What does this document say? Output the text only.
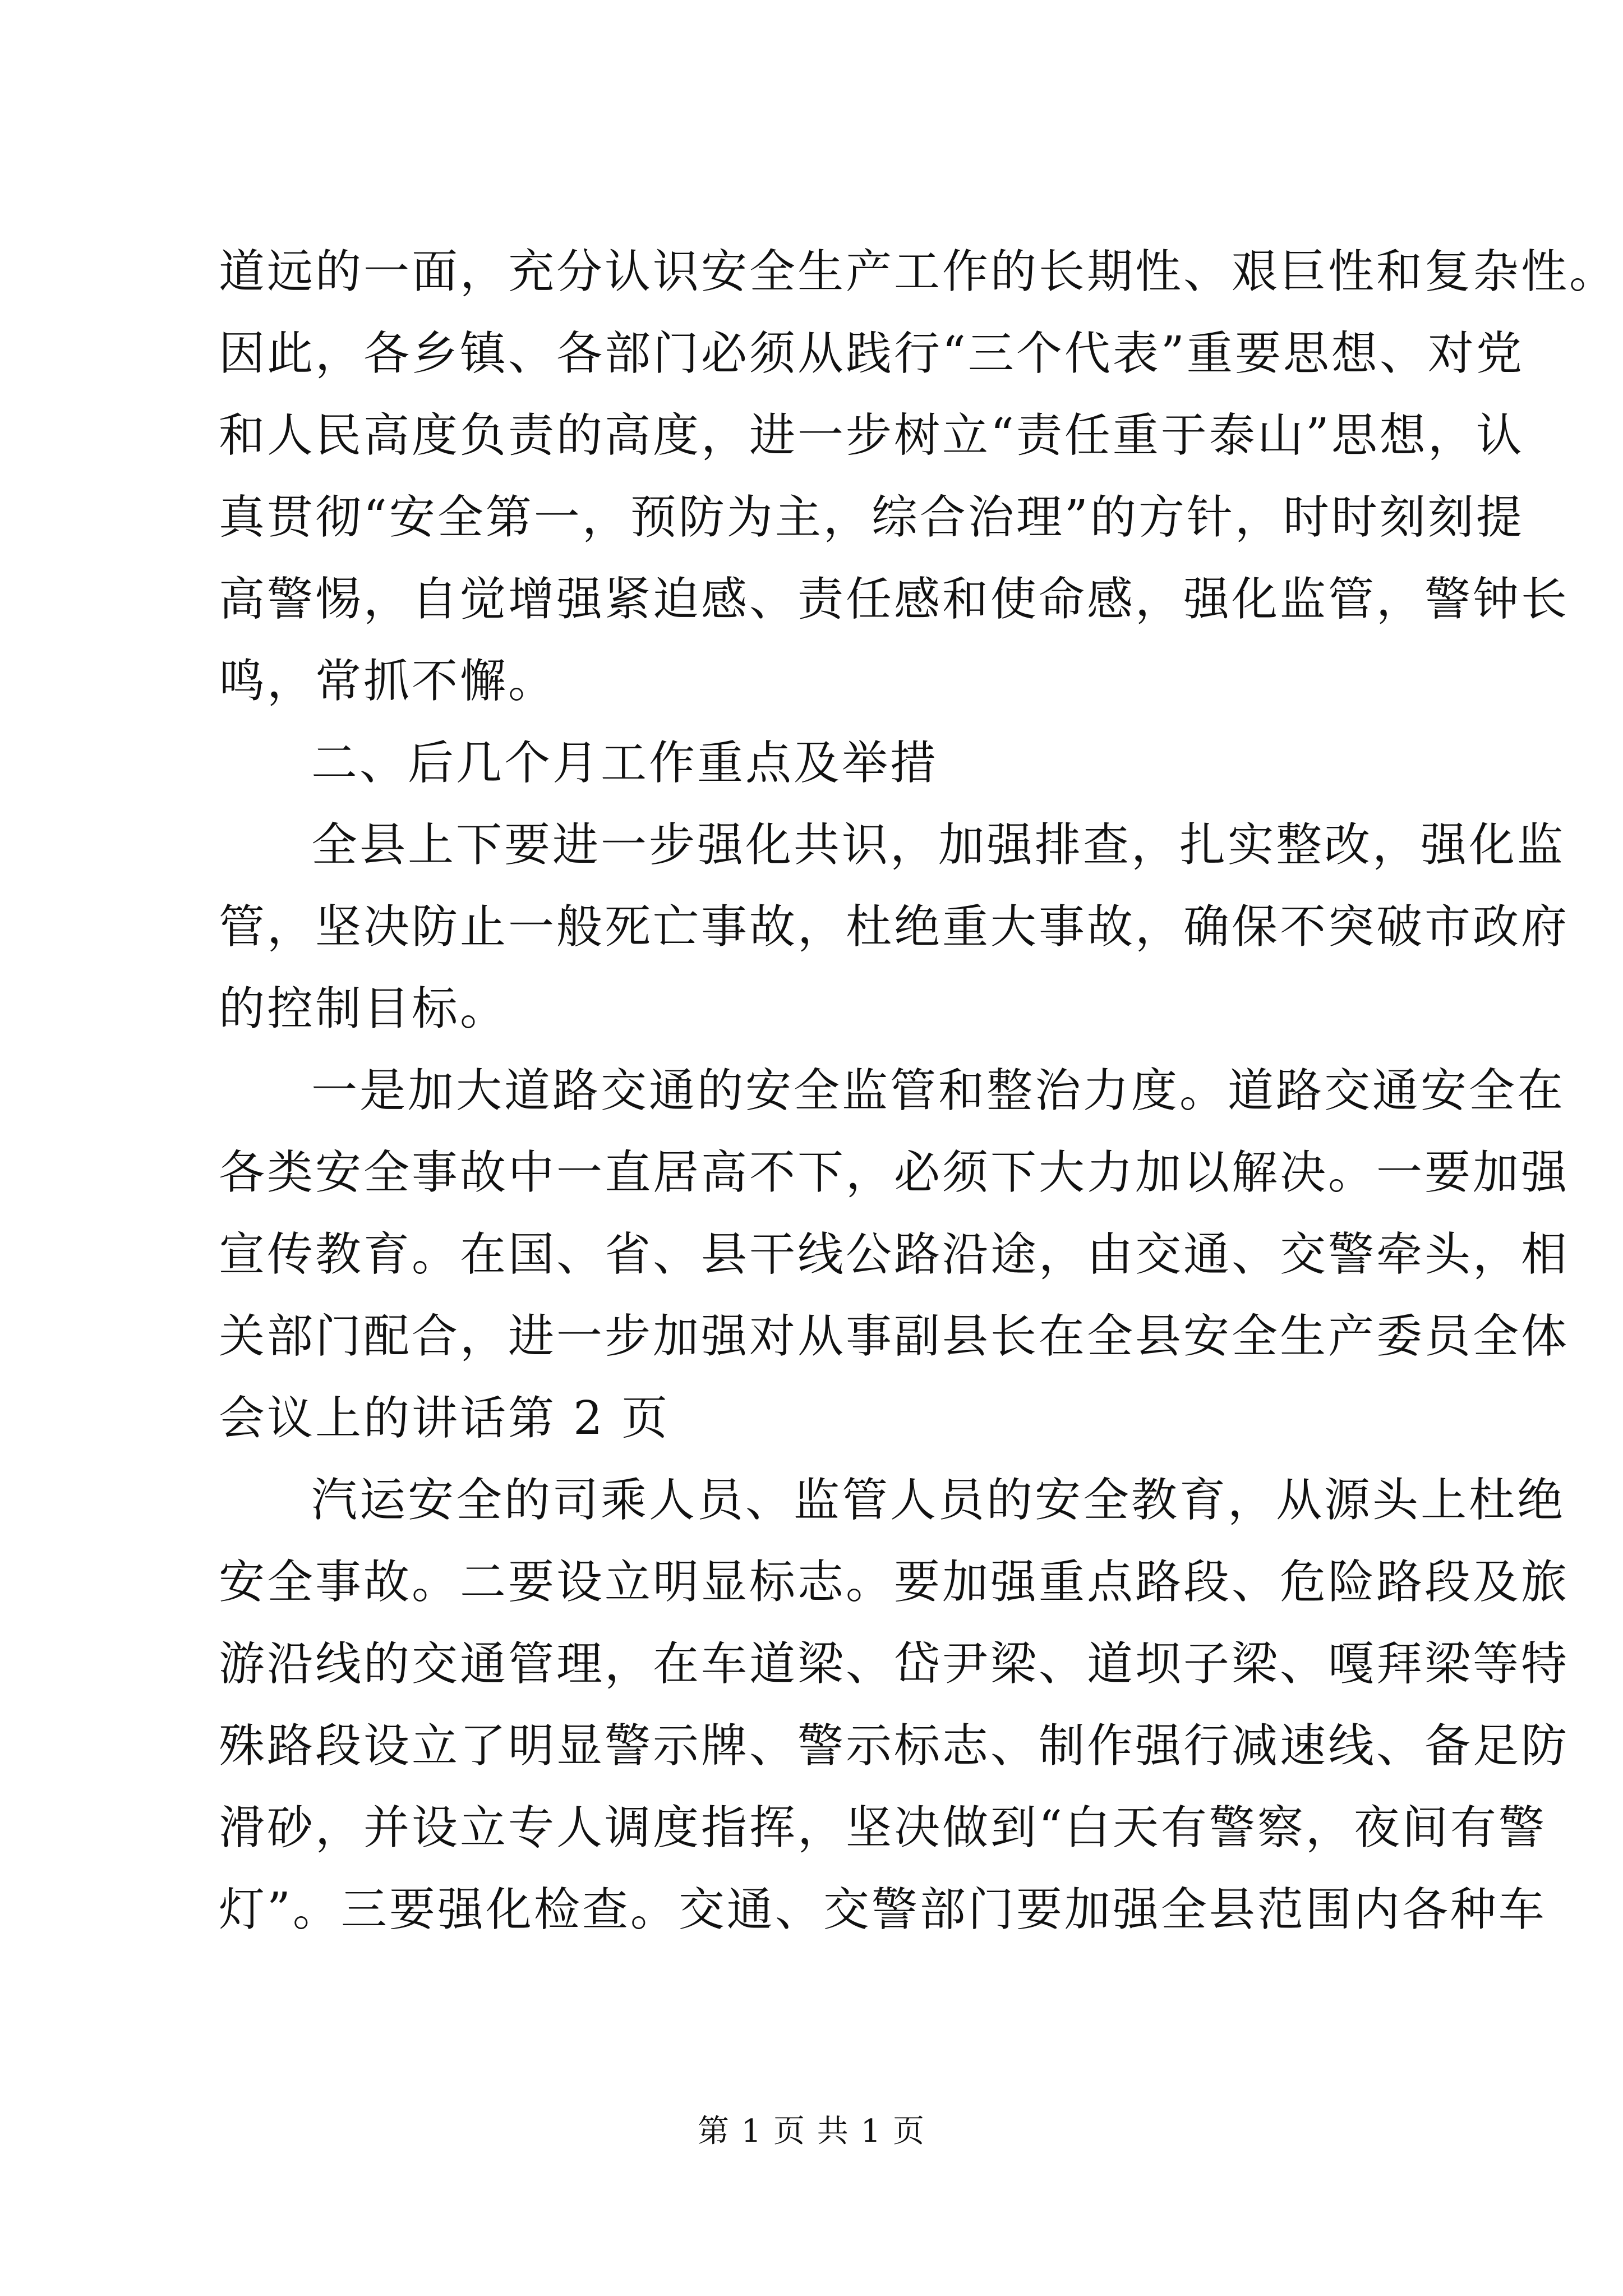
道远的一面，充分认识安全生产工作的长期性、艰巨性和复杂性。
因此，各乡镇、各部门必须从践行“三个代表”重要思想、对党
和人民高度负责的高度，进一步树立“责任重于泰山”思想，认
真贯彻“安全第一，预防为主，综合治理”的方针，时时刻刻提
高警惕，自觉增强紧迫感、责任感和使命感，强化监管，警钟长
鸣，常抓不懈。
二、后几个月工作重点及举措
全县上下要进一步强化共识，加强排查，扎实整改，强化监
管，坚决防止一般死亡事故，杜绝重大事故，确保不突破市政府
的控制目标。
一是加大道路交通的安全监管和整治力度。道路交通安全在
各类安全事故中一直居高不下，必须下大力加以解决。一要加强
宣传教育。在国、省、县干线公路沿途，由交通、交警牵头，相
关部门配合，进一步加强对从事副县长在全县安全生产委员全体
会议上的讲话第 2 页
汽运安全的司乘人员、监管人员的安全教育，从源头上杜绝
安全事故。二要设立明显标志。要加强重点路段、危险路段及旅
游沿线的交通管理，在车道梁、岱尹梁、道坝子梁、嘎拜梁等特
殊路段设立了明显警示牌、警示标志、制作强行减速线、备足防
滑砂，并设立专人调度指挥，坚决做到“白天有警察，夜间有警
灯”。三要强化检查。交通、交警部门要加强全县范围内各种车
第 1 页 共 1 页
